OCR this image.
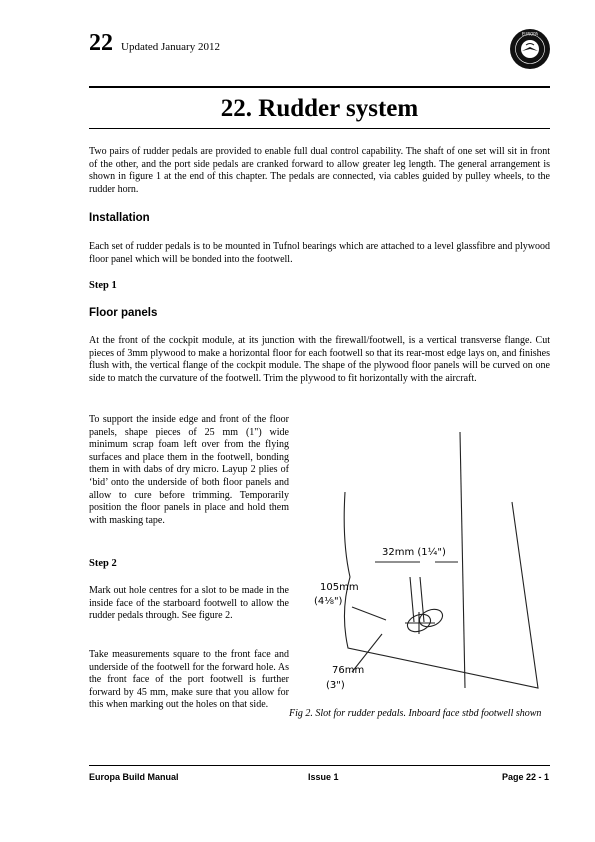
22 Updated January 2012
EUROPA
22. Rudder system
Two pairs of rudder pedals are provided to enable full dual control capability. The shaft of one set will sit in front of the other, and the port side pedals are cranked forward to allow greater leg length. The general arrangement is shown in figure 1 at the end of this chapter. The pedals are connected, via cables guided by pulley wheels, to the rudder horn.
Installation
Each set of rudder pedals is to be mounted in Tufnol bearings which are attached to a level glassfibre and plywood floor panel which will be bonded into the footwell.
Step 1
Floor panels
At the front of the cockpit module, at its junction with the firewall/footwell, is a vertical transverse flange. Cut pieces of 3mm plywood to make a horizontal floor for each footwell so that its rear-most edge lays on, and finishes flush with, the vertical flange of the cockpit module. The shape of the plywood floor panels will be curved on one side to match the curvature of the footwell. Trim the plywood to fit horizontally with the aircraft.
To support the inside edge and front of the floor panels, shape pieces of 25 mm (1") wide minimum scrap foam left over from the flying surfaces and place them in the footwell, bonding them in with dabs of dry micro. Layup 2 plies of ‘bid’ onto the underside of both floor panels and allow to cure before trimming. Temporarily position the floor panels in place and hold them with masking tape.
Step 2
Mark out hole centres for a slot to be made in the inside face of the starboard footwell to allow the rudder pedals through. See figure 2.
Take measurements square to the front face and underside of the footwell for the forward hole. As the front face of the port footwell is further forward by 45 mm, make sure that you allow for this when marking out the holes on that side.
32mm (1¼")
105mm
(4⅛")
76mm
(3")
Fig 2. Slot for rudder pedals. Inboard face stbd footwell shown
Europa Build Manual	Issue 1	Page 22 - 1
